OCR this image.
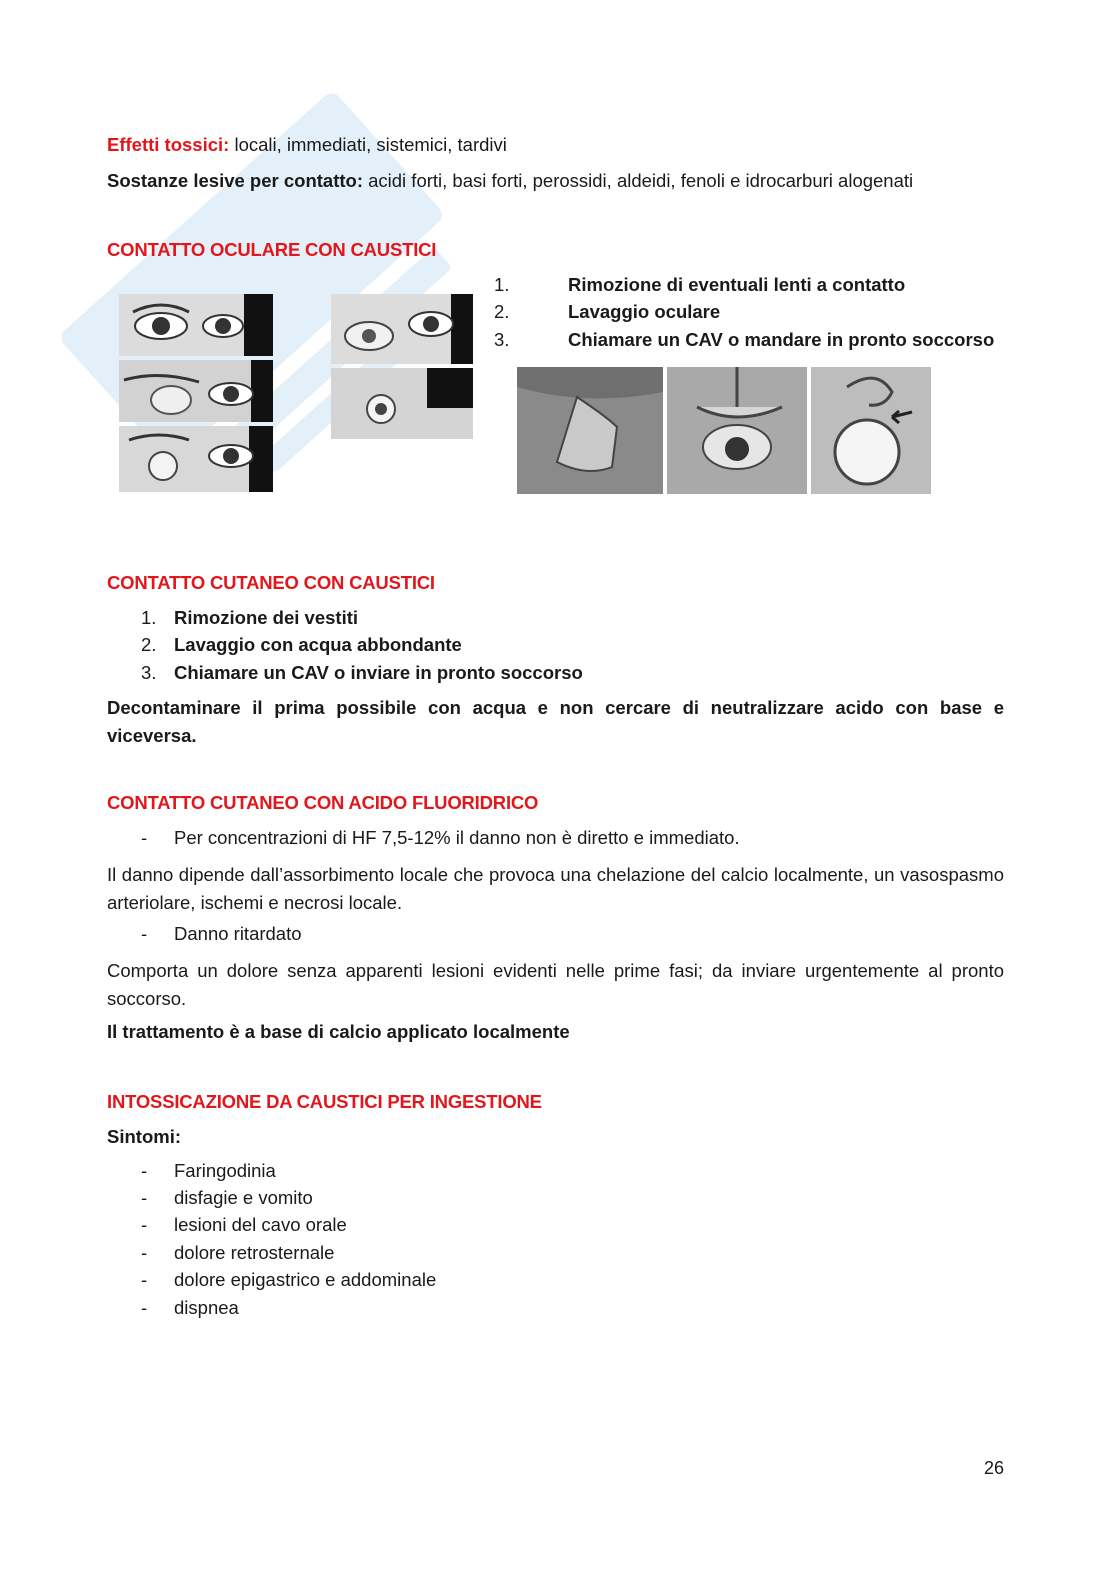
Effetti tossici: locali, immediati, sistemici, tardivi
Sostanze lesive per contatto: acidi forti, basi forti, perossidi, aldeidi, fenoli e idrocarburi alogenati
CONTATTO OCULARE CON CAUSTICI
1.	Rimozione di eventuali lenti a contatto
2.	Lavaggio oculare
3.	Chiamare un CAV o mandare in pronto soccorso
CONTATTO CUTANEO CON CAUSTICI
1. Rimozione dei vestiti
2. Lavaggio con acqua abbondante
3. Chiamare un CAV o inviare in pronto soccorso
Decontaminare il prima possibile con acqua e non cercare di neutralizzare acido con base e viceversa.
CONTATTO CUTANEO CON ACIDO FLUORIDRICO
- Per concentrazioni di HF 7,5-12% il danno non è diretto e immediato.
Il danno dipende dall’assorbimento locale che provoca una chelazione del calcio localmente, un vasospasmo arteriolare, ischemi e necrosi locale.
- Danno ritardato
Comporta un dolore senza apparenti lesioni evidenti nelle prime fasi; da inviare urgentemente al pronto soccorso.
Il trattamento è a base di calcio applicato localmente
INTOSSICAZIONE DA CAUSTICI PER INGESTIONE
Sintomi:
- Faringodinia
- disfagie e vomito
- lesioni del cavo orale
- dolore retrosternale
- dolore epigastrico e addominale
- dispnea
26
